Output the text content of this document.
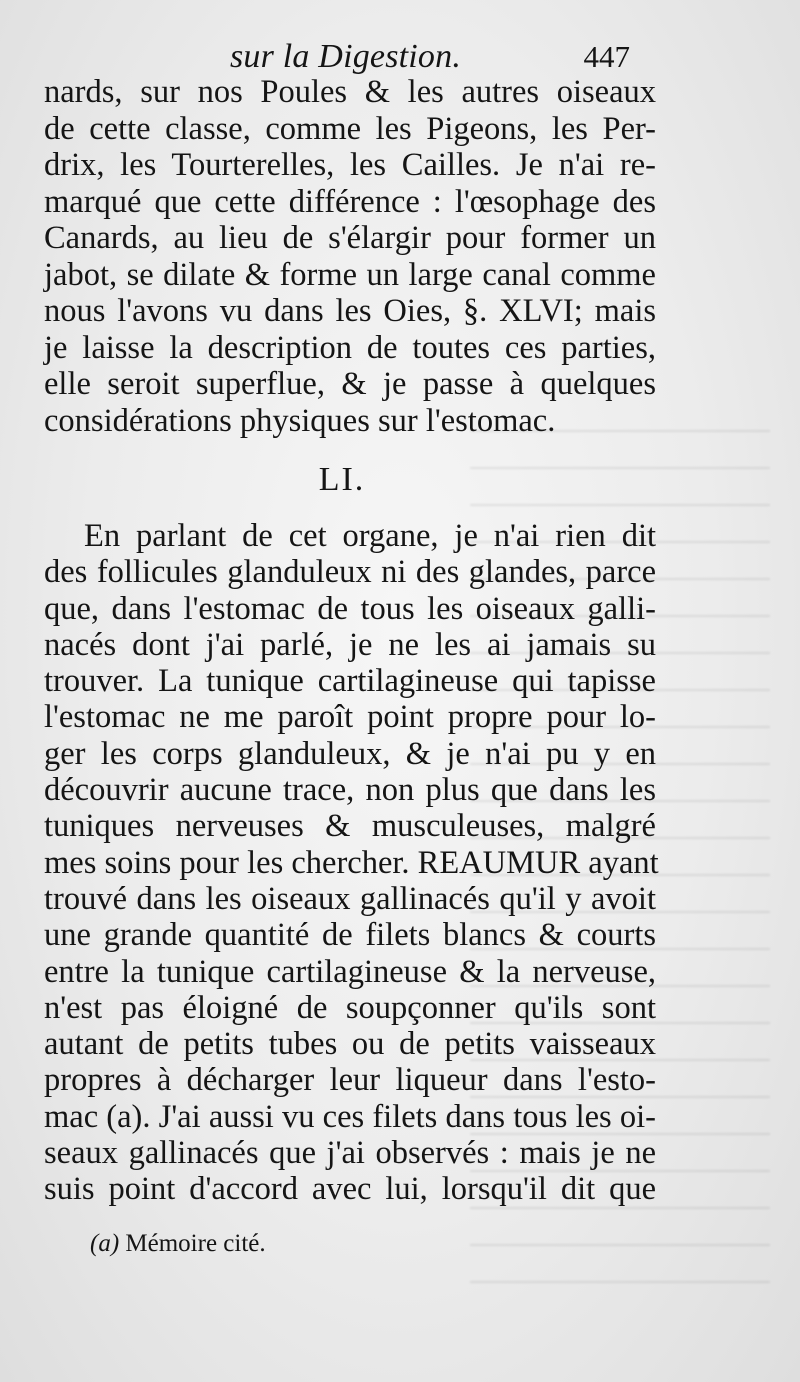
sur la Digestion.	447
nards, sur nos Poules & les autres oiseaux
de cette classe, comme les Pigeons, les Per-
drix, les Tourterelles, les Cailles. Je n'ai re-
marqué que cette différence : l'œsophage des
Canards, au lieu de s'élargir pour former un
jabot, se dilate & forme un large canal comme
nous l'avons vu dans les Oies, §. XLVI; mais
je laisse la description de toutes ces parties,
elle seroit superflue, & je passe à quelques
considérations physiques sur l'estomac.
LI.
En parlant de cet organe, je n'ai rien dit
des follicules glanduleux ni des glandes, parce
que, dans l'estomac de tous les oiseaux galli-
nacés dont j'ai parlé, je ne les ai jamais su
trouver. La tunique cartilagineuse qui tapisse
l'estomac ne me paroît point propre pour lo-
ger les corps glanduleux, & je n'ai pu y en
découvrir aucune trace, non plus que dans les
tuniques nerveuses & musculeuses, malgré
mes soins pour les chercher. REAUMUR ayant
trouvé dans les oiseaux gallinacés qu'il y avoit
une grande quantité de filets blancs & courts
entre la tunique cartilagineuse & la nerveuse,
n'est pas éloigné de soupçonner qu'ils sont
autant de petits tubes ou de petits vaisseaux
propres à décharger leur liqueur dans l'esto-
mac (a). J'ai aussi vu ces filets dans tous les oi-
seaux gallinacés que j'ai observés : mais je ne
suis point d'accord avec lui, lorsqu'il dit que
(a) Mémoire cité.
